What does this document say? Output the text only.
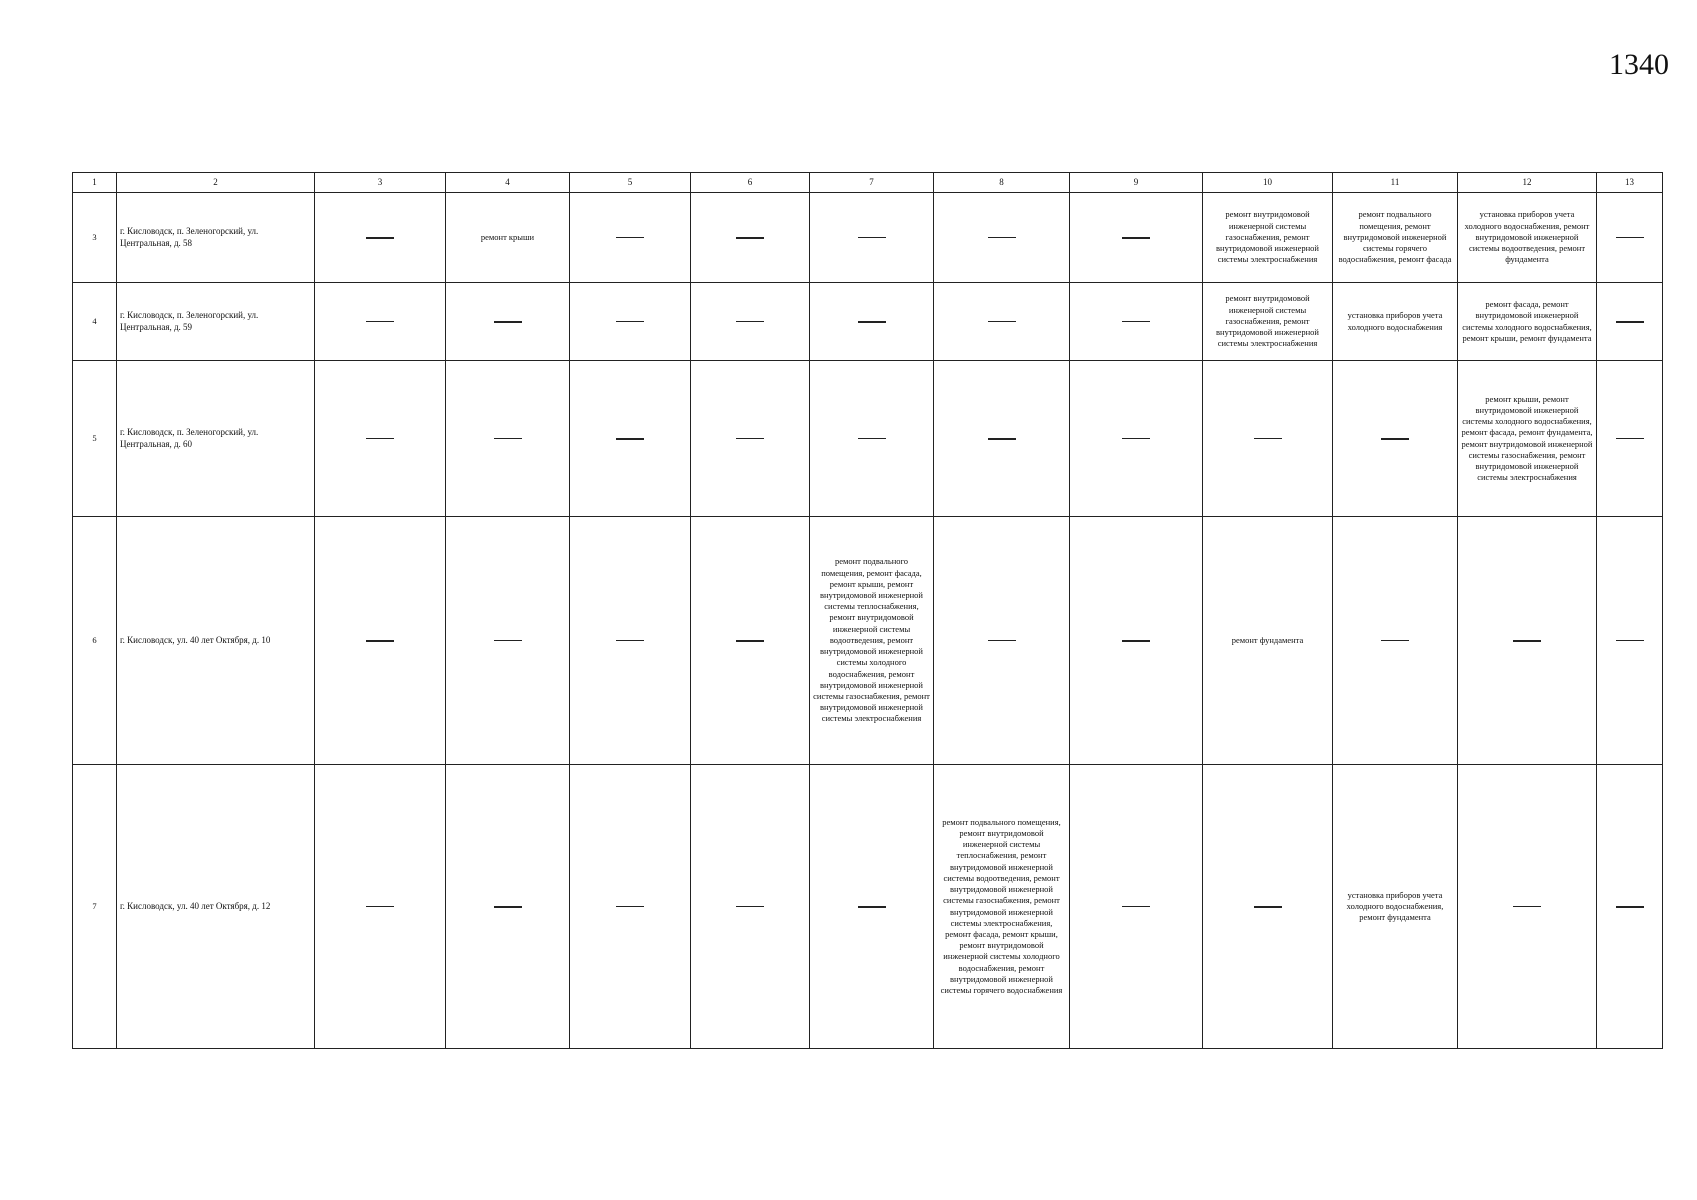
1340
1	2	3	4	5	6	7	8	9	10	11	12	13
3	г. Кисловодск, п. Зеленогорский, ул. Центральная, д. 58		ремонт крыши						ремонт внутридомовой инженерной системы газоснабжения, ремонт внутридомовой инженерной системы электроснабжения	ремонт подвального помещения, ремонт внутридомовой инженерной системы горячего водоснабжения, ремонт фасада	установка приборов учета холодного водоснабжения, ремонт внутридомовой инженерной системы водоотведения, ремонт фундамента	
4	г. Кисловодск, п. Зеленогорский, ул. Центральная, д. 59								ремонт внутридомовой инженерной системы газоснабжения, ремонт внутридомовой инженерной системы электроснабжения	установка приборов учета холодного водоснабжения	ремонт фасада, ремонт внутридомовой инженерной системы холодного водоснабжения, ремонт крыши, ремонт фундамента	
5	г. Кисловодск, п. Зеленогорский, ул. Центральная, д. 60										ремонт крыши, ремонт внутридомовой инженерной системы холодного водоснабжения, ремонт фасада, ремонт фундамента, ремонт внутридомовой инженерной системы газоснабжения, ремонт внутридомовой инженерной системы электроснабжения	
6	г. Кисловодск, ул. 40 лет Октября, д. 10					ремонт подвального помещения, ремонт фасада, ремонт крыши, ремонт внутридомовой инженерной системы теплоснабжения, ремонт внутридомовой инженерной системы водоотведения, ремонт внутридомовой инженерной системы холодного водоснабжения, ремонт внутридомовой инженерной системы газоснабжения, ремонт внутридомовой инженерной системы электроснабжения			ремонт фундамента			
7	г. Кисловодск, ул. 40 лет Октября, д. 12						ремонт подвального помещения, ремонт внутридомовой инженерной системы теплоснабжения, ремонт внутридомовой инженерной системы водоотведения, ремонт внутридомовой инженерной системы газоснабжения, ремонт внутридомовой инженерной системы электроснабжения, ремонт фасада, ремонт крыши, ремонт внутридомовой инженерной системы холодного водоснабжения, ремонт внутридомовой инженерной системы горячего водоснабжения			установка приборов учета холодного водоснабжения, ремонт фундамента		
